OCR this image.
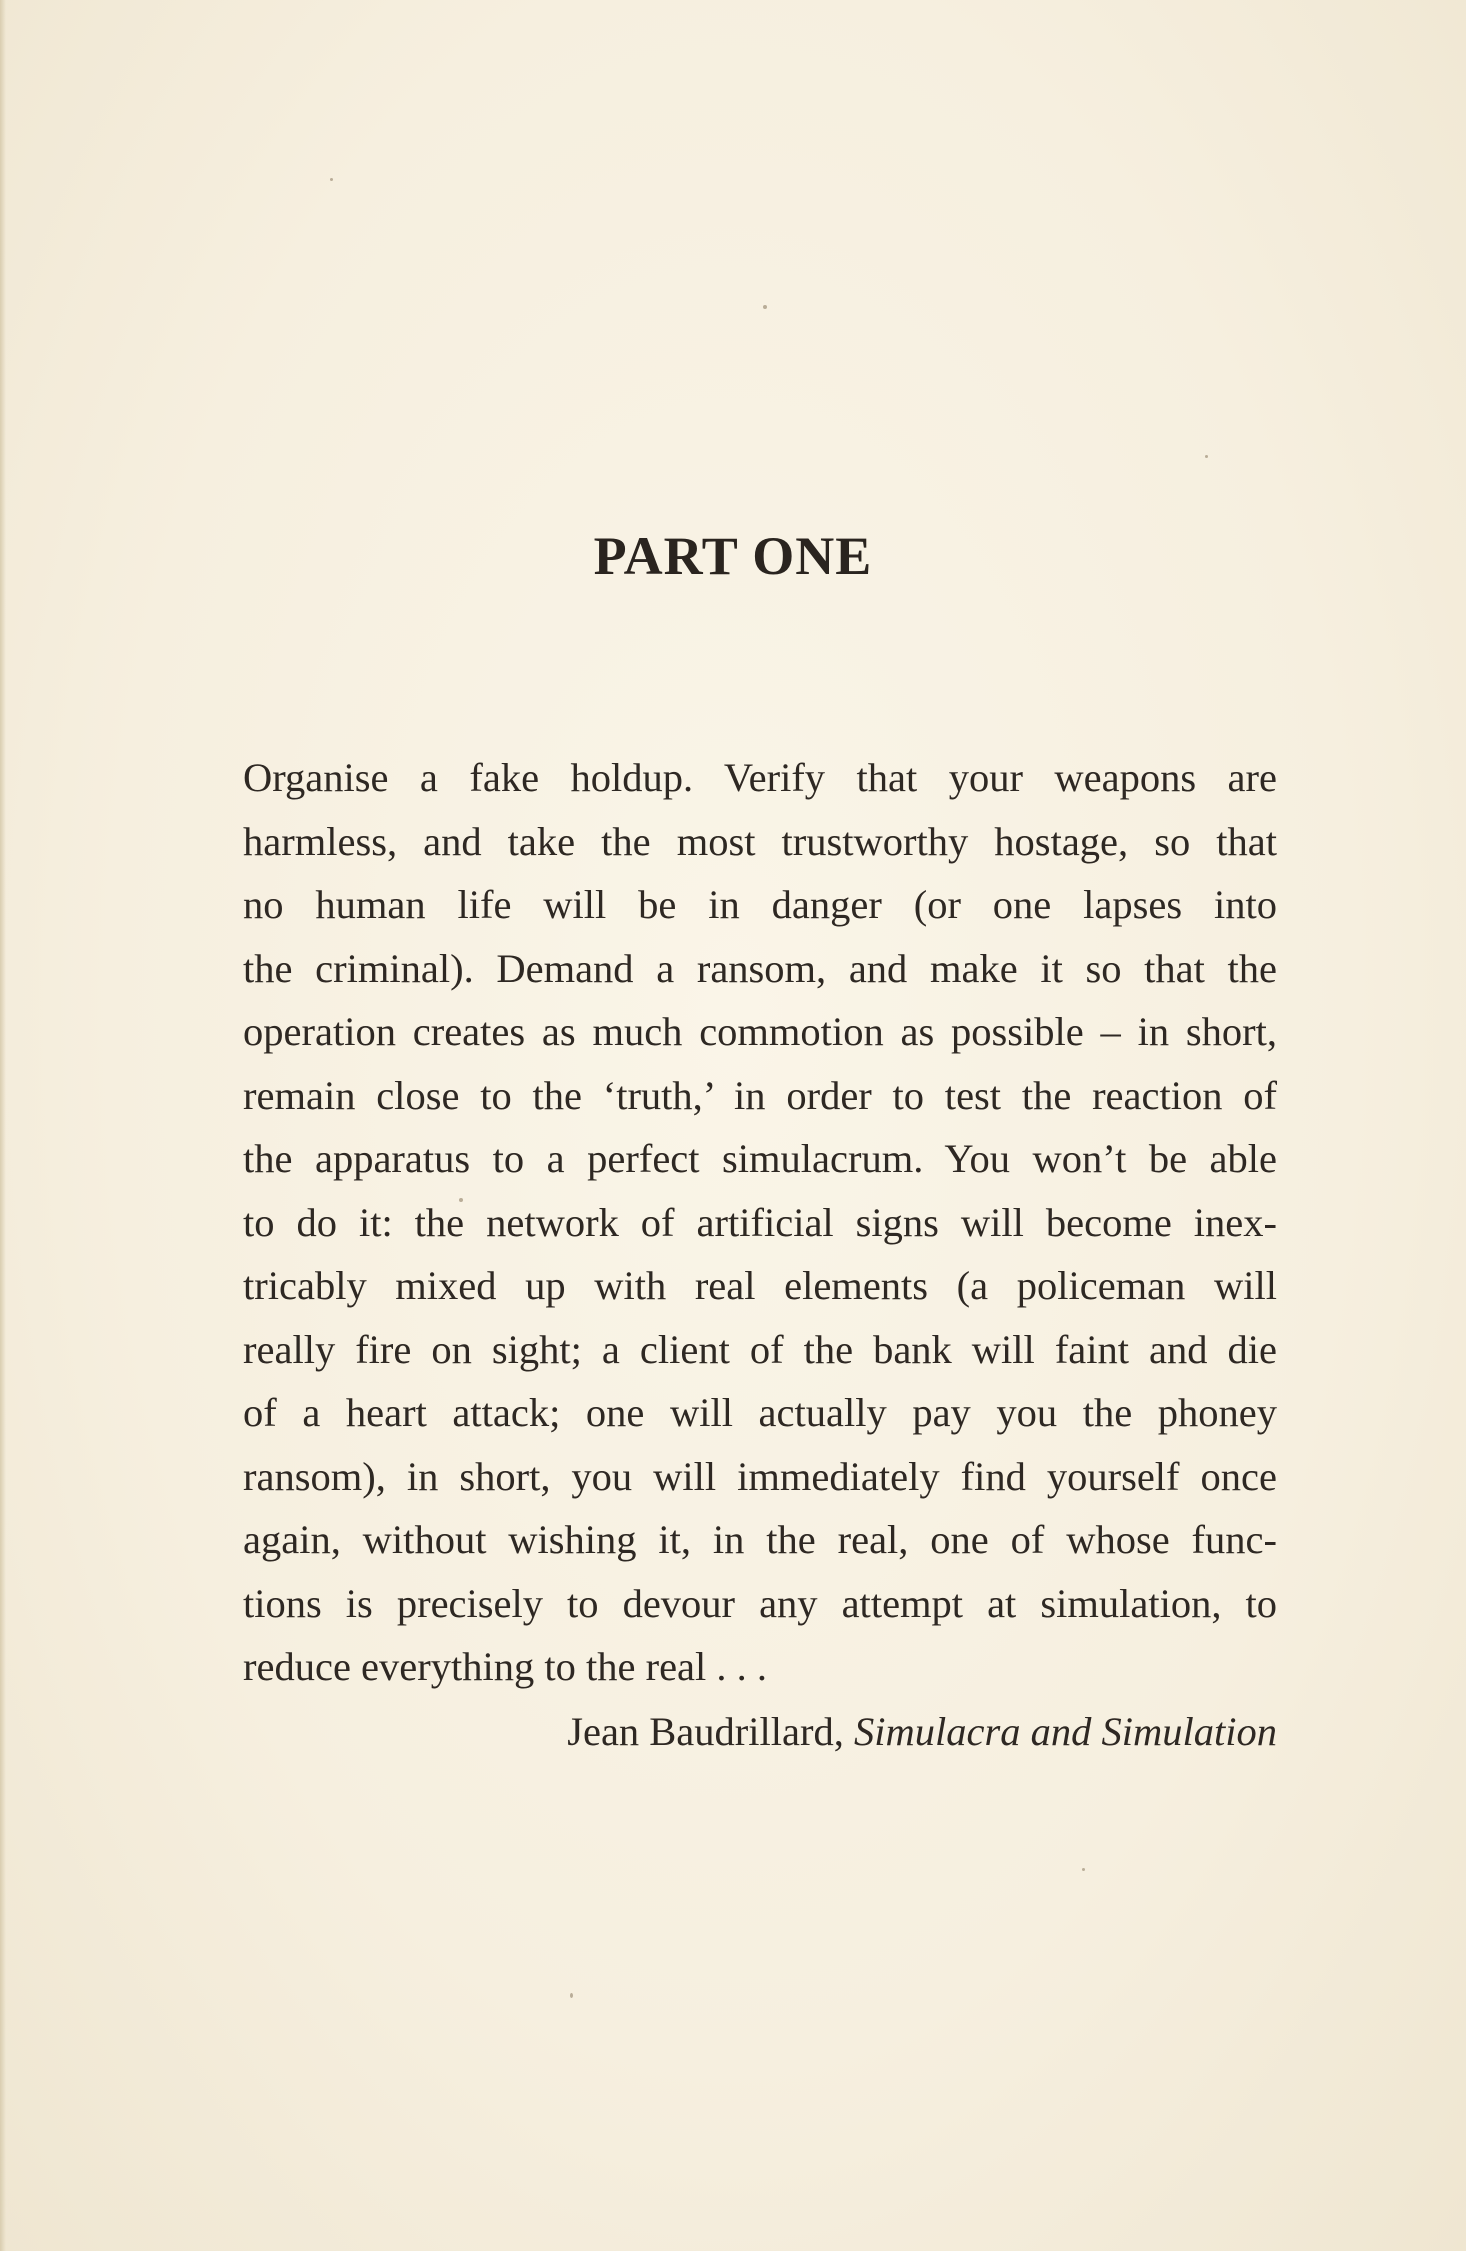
PART ONE
Organise a fake holdup. Verify that your weapons are
harmless, and take the most trustworthy hostage, so that
no human life will be in danger (or one lapses into
the criminal). Demand a ransom, and make it so that the
operation creates as much commotion as possible – in short,
remain close to the ‘truth,’ in order to test the reaction of
the apparatus to a perfect simulacrum. You won’t be able
to do it: the network of artificial signs will become inex-
tricably mixed up with real elements (a policeman will
really fire on sight; a client of the bank will faint and die
of a heart attack; one will actually pay you the phoney
ransom), in short, you will immediately find yourself once
again, without wishing it, in the real, one of whose func-
tions is precisely to devour any attempt at simulation, to
reduce everything to the real . . .
Jean Baudrillard, Simulacra and Simulation
